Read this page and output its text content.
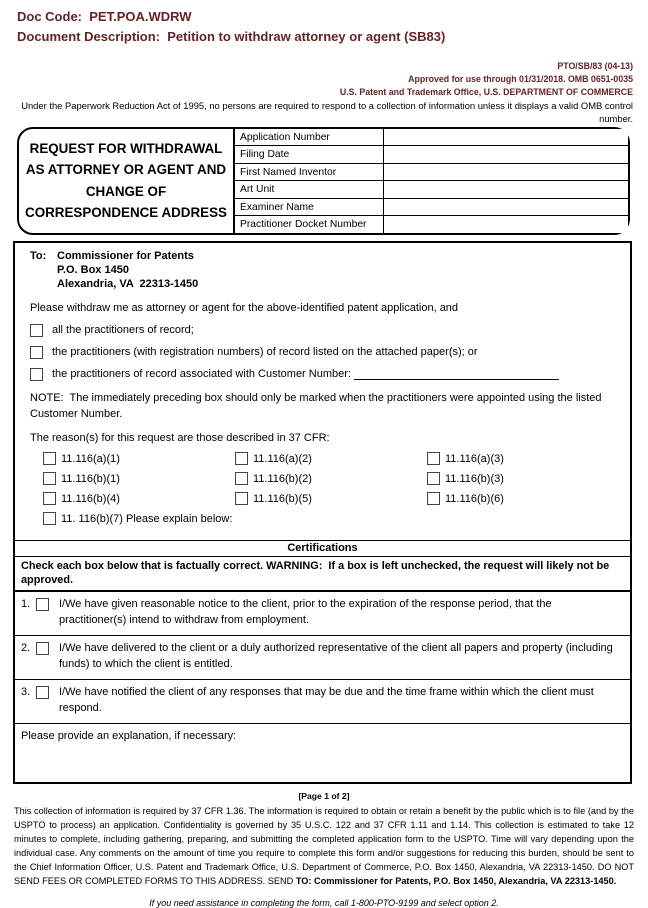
Doc Code: PET.POA.WDRW
Document Description: Petition to withdraw attorney or agent (SB83)
PTO/SB/83 (04-13)
Approved for use through 01/31/2018. OMB 0651-0035
U.S. Patent and Trademark Office, U.S. DEPARTMENT OF COMMERCE
Under the Paperwork Reduction Act of 1995, no persons are required to respond to a collection of information unless it displays a valid OMB control number.
REQUEST FOR WITHDRAWAL
AS ATTORNEY OR AGENT AND
CHANGE OF
CORRESPONDENCE ADDRESS
Application Number
Filing Date
First Named Inventor
Art Unit
Examiner Name
Practitioner Docket Number
To: Commissioner for Patents
P.O. Box 1450
Alexandria, VA  22313-1450
Please withdraw me as attorney or agent for the above-identified patent application, and
all the practitioners of record;
the practitioners (with registration numbers) of record listed on the attached paper(s); or
the practitioners of record associated with Customer Number:
NOTE:  The immediately preceding box should only be marked when the practitioners were appointed using the listed Customer Number.
The reason(s) for this request are those described in 37 CFR:
11.116(a)(1)	11.116(a)(2)	11.116(a)(3)
11.116(b)(1)	11.116(b)(2)	11.116(b)(3)
11.116(b)(4)	11.116(b)(5)	11.116(b)(6)
11. 116(b)(7) Please explain below:
Certifications
Check each box below that is factually correct. WARNING:  If a box is left unchecked, the request will likely not be approved.
1.	I/We have given reasonable notice to the client, prior to the expiration of the response period, that the practitioner(s) intend to withdraw from employment.
2.	I/We have delivered to the client or a duly authorized representative of the client all papers and property (including funds) to which the client is entitled.
3.	I/We have notified the client of any responses that may be due and the time frame within which the client must respond.
Please provide an explanation, if necessary:
[Page 1 of 2]

This collection of information is required by 37 CFR 1.36. The information is required to obtain or retain a benefit by the public which is to file (and by the USPTO to process) an application. Confidentiality is governed by 35 U.S.C. 122 and 37 CFR 1.11 and 1.14. This collection is estimated to take 12 minutes to complete, including gathering, preparing, and submitting the completed application form to the USPTO. Time will vary depending upon the individual case. Any comments on the amount of time you require to complete this form and/or suggestions for reducing this burden, should be sent to the Chief Information Officer, U.S. Patent and Trademark Office, U.S. Department of Commerce, P.O. Box 1450, Alexandria, VA 22313-1450. DO NOT SEND FEES OR COMPLETED FORMS TO THIS ADDRESS. SEND TO: Commissioner for Patents, P.O. Box 1450, Alexandria, VA 22313-1450.

If you need assistance in completing the form, call 1-800-PTO-9199 and select option 2.
